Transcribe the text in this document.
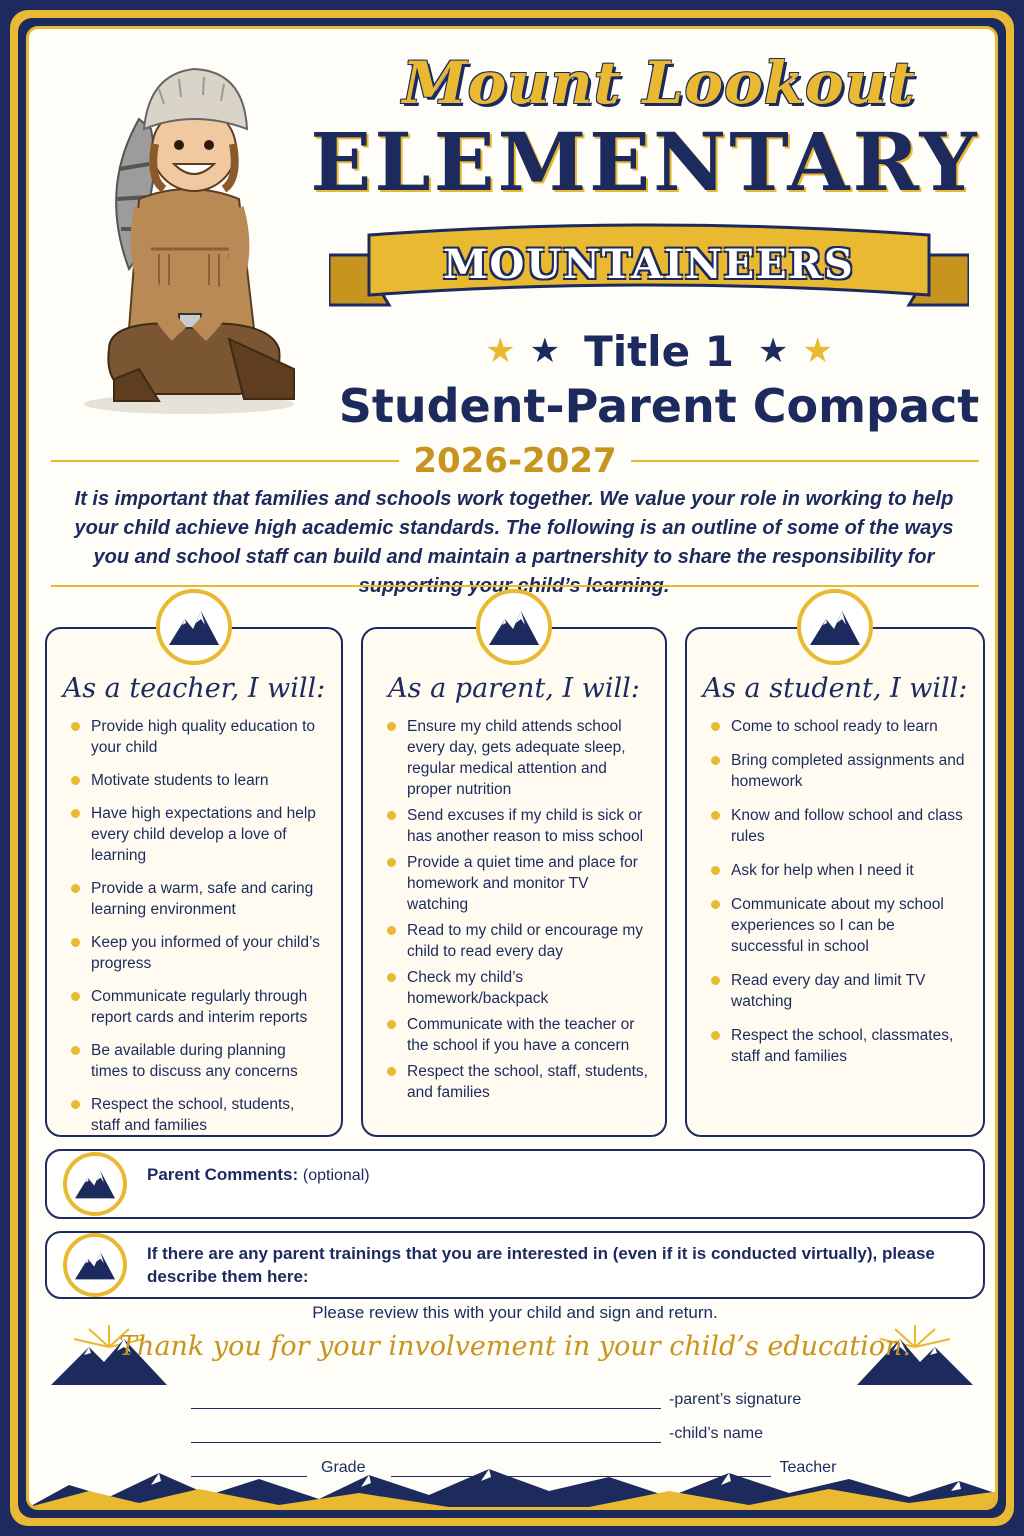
Mount Lookout
ELEMENTARY
MOUNTAINEERS
★ ★ Title 1 ★ ★
Student-Parent Compact
2026-2027
It is important that families and schools work together. We value your role in working to help your child achieve high academic standards. The following is an outline of some of the ways you and school staff can build and maintain a partnershity to share the responsibility for supporting your child’s learning.
As a teacher, I will:
Provide high quality education to your child
Motivate students to learn
Have high expectations and help every child develop a love of learning
Provide a warm, safe and caring learning environment
Keep you informed of your child’s progress
Communicate regularly through report cards and interim reports
Be available during planning times to discuss any concerns
Respect the school, students, staff and families
As a parent, I will:
Ensure my child attends school every day, gets adequate sleep, regular medical attention and proper nutrition
Send excuses if my child is sick or has another reason to miss school
Provide a quiet time and place for homework and monitor TV watching
Read to my child or encourage my child to read every day
Check my child’s homework/backpack
Communicate with the teacher or the school if you have a concern
Respect the school, staff, students, and families
As a student, I will:
Come to school ready to learn
Bring completed assignments and homework
Know and follow school and class rules
Ask for help when I need it
Communicate about my school experiences so I can be successful in school
Read every day and limit TV watching
Respect the school, classmates, staff and families
Parent Comments: (optional)
If there are any parent trainings that you are interested in (even if it is conducted virtually), please describe them here:
Please review this with your child and sign and return.
Thank you for your involvement in your child’s education.
-parent’s signature
-child’s name
Grade	Teacher
